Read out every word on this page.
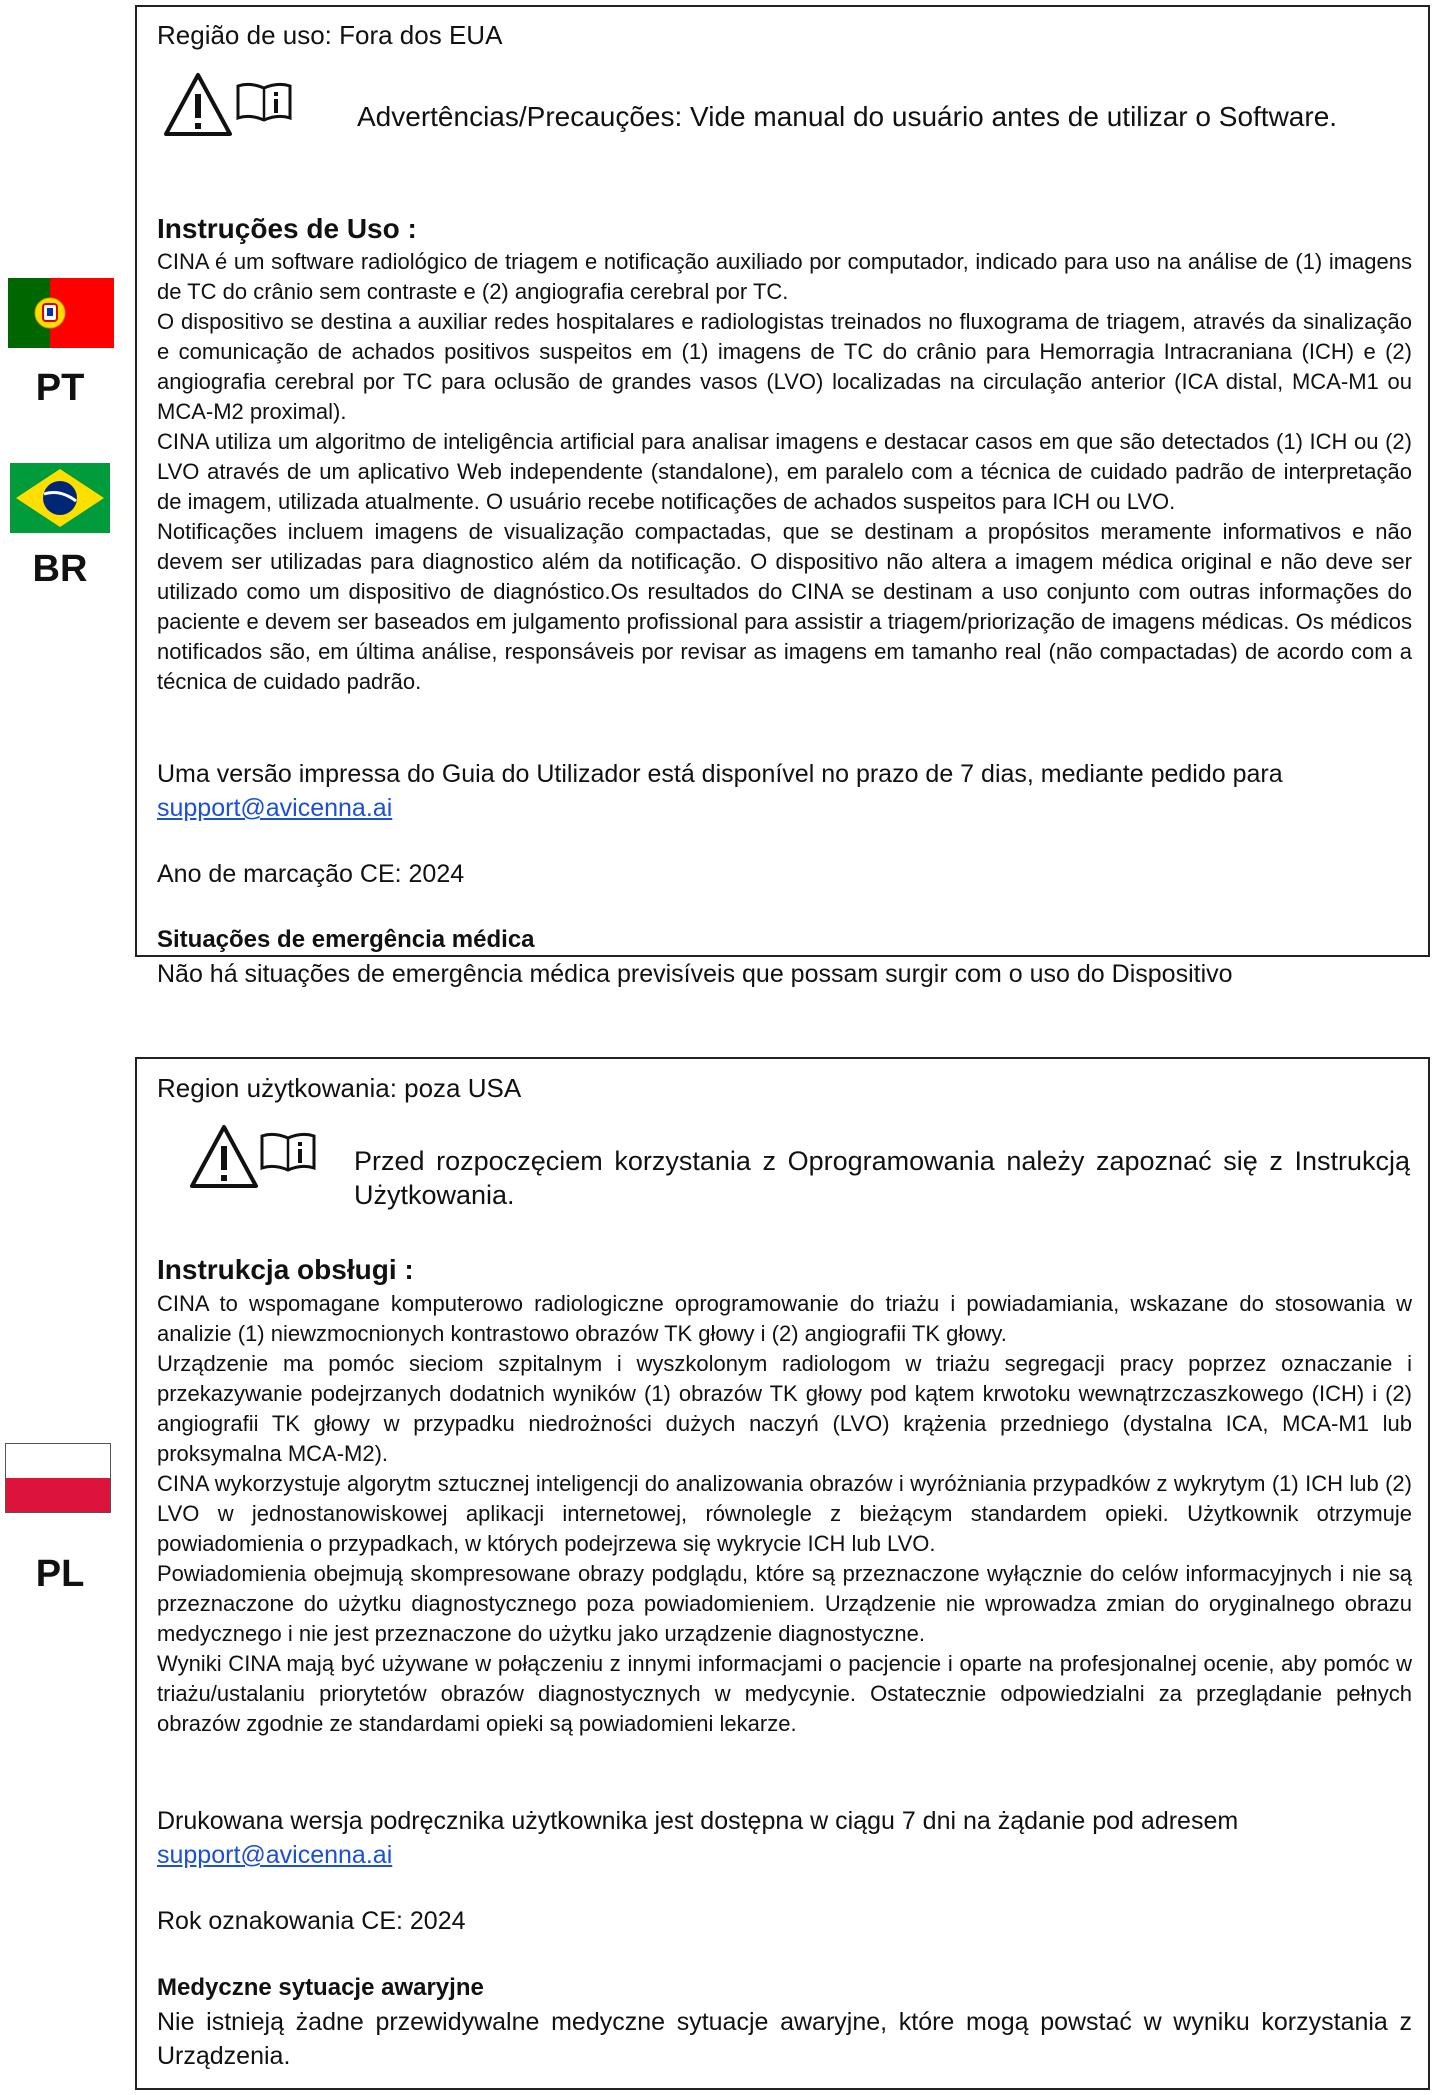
PT
BR
Região de uso: Fora dos EUA
Advertências/Precauções: Vide manual do usuário antes de utilizar o Software.
Instruções de Uso :

CINA é um software radiológico de triagem e notificação auxiliado por computador, indicado para uso na análise de (1) imagens de TC do crânio sem contraste e (2) angiografia cerebral por TC.

O dispositivo se destina a auxiliar redes hospitalares e radiologistas treinados no fluxograma de triagem, através da sinalização e comunicação de achados positivos suspeitos em (1) imagens de TC do crânio para Hemorragia Intracraniana (ICH) e (2) angiografia cerebral por TC para oclusão de grandes vasos (LVO) localizadas na circulação anterior (ICA distal, MCA-M1 ou MCA-M2 proximal).

CINA utiliza um algoritmo de inteligência artificial para analisar imagens e destacar casos em que são detectados (1) ICH ou (2) LVO através de um aplicativo Web independente (standalone), em paralelo com a técnica de cuidado padrão de interpretação de imagem, utilizada atualmente. O usuário recebe notificações de achados suspeitos para ICH ou LVO.

Notificações incluem imagens de visualização compactadas, que se destinam a propósitos meramente informativos e não devem ser utilizadas para diagnostico além da notificação. O dispositivo não altera a imagem médica original e não deve ser utilizado como um dispositivo de diagnóstico.Os resultados do CINA se destinam a uso conjunto com outras informações do paciente e devem ser baseados em julgamento profissional para assistir a triagem/priorização de imagens médicas. Os médicos notificados são, em última análise, responsáveis por revisar as imagens em tamanho real (não compactadas) de acordo com a técnica de cuidado padrão.

Uma versão impressa do Guia do Utilizador está disponível no prazo de 7 dias, mediante pedido para
support@avicenna.ai
Ano de marcação CE: 2024
Situações de emergência médica
Não há situações de emergência médica previsíveis que possam surgir com o uso do Dispositivo
PL
Region użytkowania: poza USA
Przed rozpoczęciem korzystania z Oprogramowania należy zapoznać się z Instrukcją Użytkowania.
Instrukcja obsługi :

CINA to wspomagane komputerowo radiologiczne oprogramowanie do triażu i powiadamiania, wskazane do stosowania w analizie (1) niewzmocnionych kontrastowo obrazów TK głowy i (2) angiografii TK głowy.

Urządzenie ma pomóc sieciom szpitalnym i wyszkolonym radiologom w triażu segregacji pracy poprzez oznaczanie i przekazywanie podejrzanych dodatnich wyników (1) obrazów TK głowy pod kątem krwotoku wewnątrzczaszkowego (ICH) i (2) angiografii TK głowy w przypadku niedrożności dużych naczyń (LVO) krążenia przedniego (dystalna ICA, MCA-M1 lub proksymalna MCA-M2).

CINA wykorzystuje algorytm sztucznej inteligencji do analizowania obrazów i wyróżniania przypadków z wykrytym (1) ICH lub (2) LVO w jednostanowiskowej aplikacji internetowej, równolegle z bieżącym standardem opieki. Użytkownik otrzymuje powiadomienia o przypadkach, w których podejrzewa się wykrycie ICH lub LVO.

Powiadomienia obejmują skompresowane obrazy podglądu, które są przeznaczone wyłącznie do celów informacyjnych i nie są przeznaczone do użytku diagnostycznego poza powiadomieniem. Urządzenie nie wprowadza zmian do oryginalnego obrazu medycznego i nie jest przeznaczone do użytku jako urządzenie diagnostyczne.

Wyniki CINA mają być używane w połączeniu z innymi informacjami o pacjencie i oparte na profesjonalnej ocenie, aby pomóc w triażu/ustalaniu priorytetów obrazów diagnostycznych w medycynie. Ostatecznie odpowiedzialni za przeglądanie pełnych obrazów zgodnie ze standardami opieki są powiadomieni lekarze.

Drukowana wersja podręcznika użytkownika jest dostępna w ciągu 7 dni na żądanie pod adresem
support@avicenna.ai
Rok oznakowania CE: 2024
Medyczne sytuacje awaryjne
Nie istnieją żadne przewidywalne medyczne sytuacje awaryjne, które mogą powstać w wyniku korzystania z Urządzenia.
